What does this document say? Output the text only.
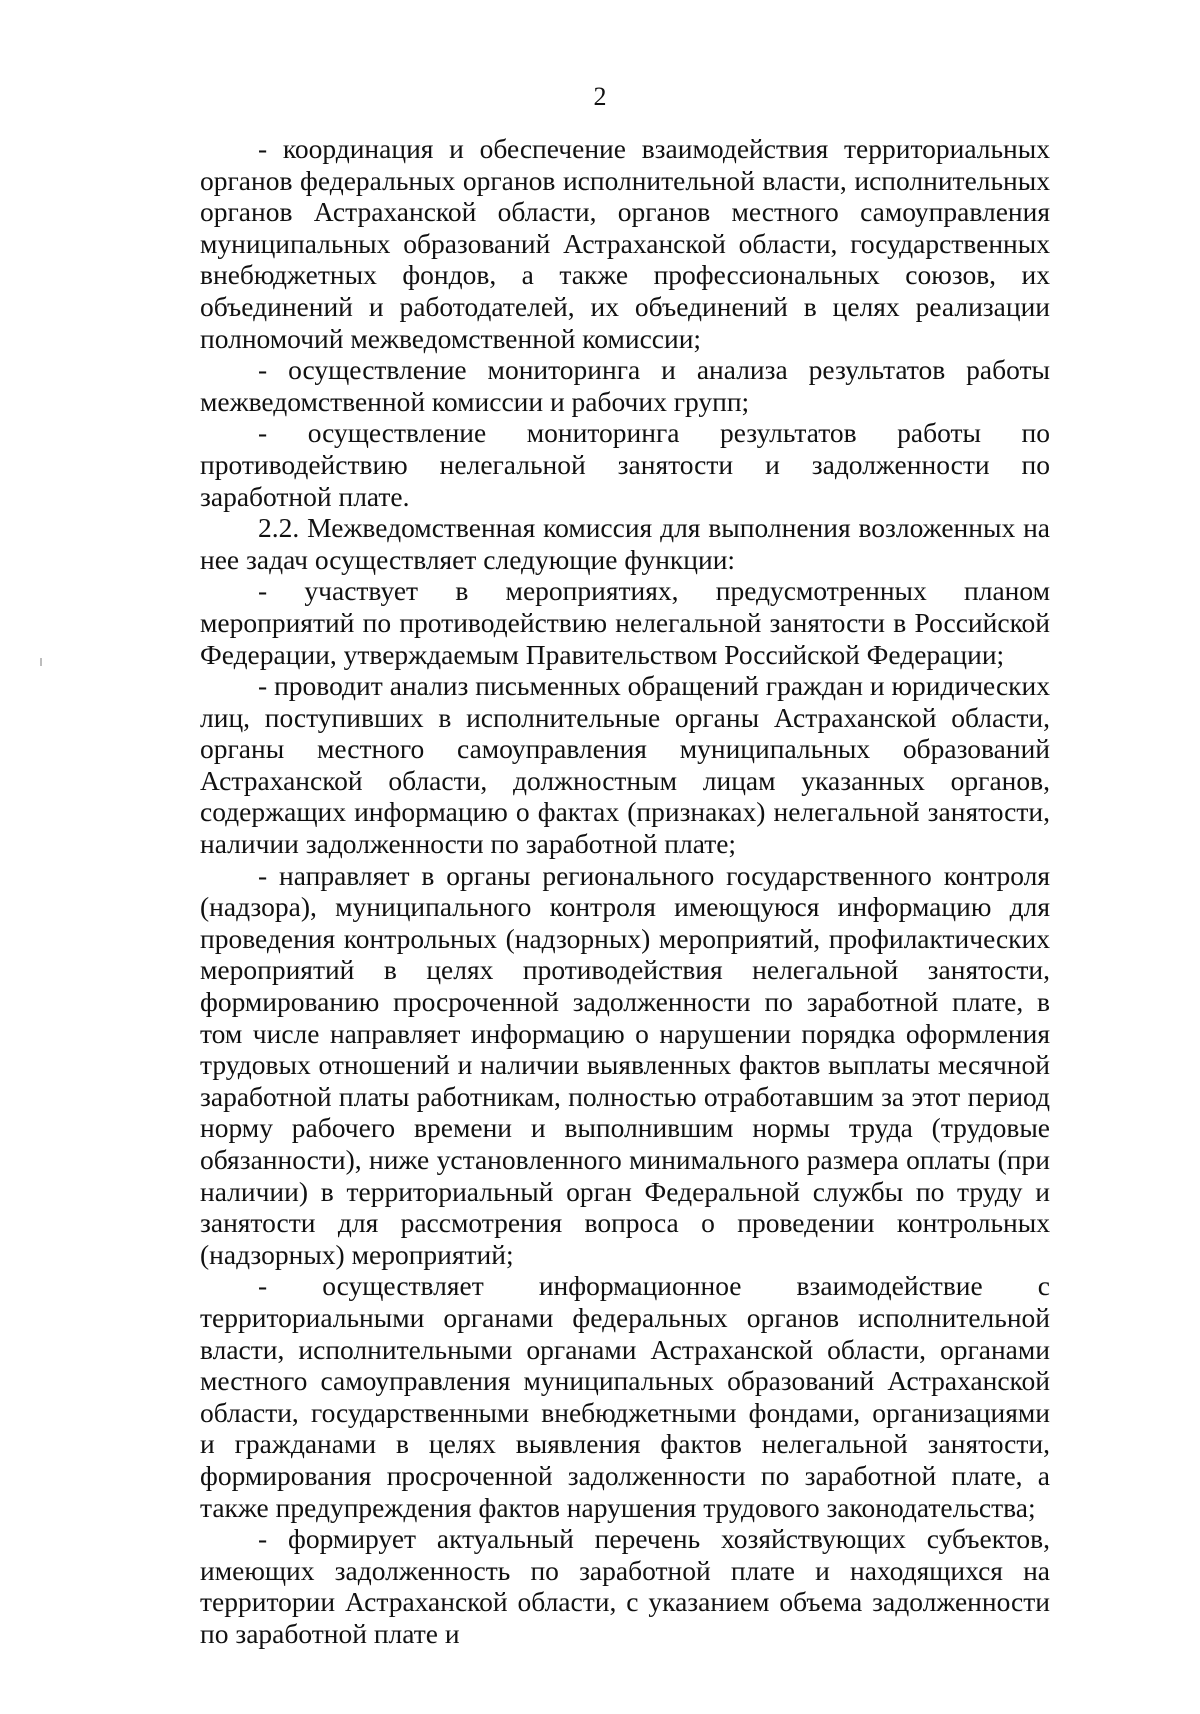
2

- координация и обеспечение взаимодействия территориальных органов федеральных органов исполнительной власти, исполнительных органов Астраханской области, органов местного самоуправления муниципальных образований Астраханской области, государственных внебюджетных фондов, а также профессиональных союзов, их объединений и работодателей, их объединений в целях реализации полномочий межведомственной комиссии;

- осуществление мониторинга и анализа результатов работы межведомственной комиссии и рабочих групп;

- осуществление мониторинга результатов работы по противодействию нелегальной занятости и задолженности по заработной плате.

2.2. Межведомственная комиссия для выполнения возложенных на нее задач осуществляет следующие функции:

- участвует в мероприятиях, предусмотренных планом мероприятий по противодействию нелегальной занятости в Российской Федерации, утверждаемым Правительством Российской Федерации;

- проводит анализ письменных обращений граждан и юридических лиц, поступивших в исполнительные органы Астраханской области, органы местного самоуправления муниципальных образований Астраханской области, должностным лицам указанных органов, содержащих информацию о фактах (признаках) нелегальной занятости, наличии задолженности по заработной плате;

- направляет в органы регионального государственного контроля (надзора), муниципального контроля имеющуюся информацию для проведения контрольных (надзорных) мероприятий, профилактических мероприятий в целях противодействия нелегальной занятости, формированию просроченной задолженности по заработной плате, в том числе направляет информацию о нарушении порядка оформления трудовых отношений и наличии выявленных фактов выплаты месячной заработной платы работникам, полностью отработавшим за этот период норму рабочего времени и выполнившим нормы труда (трудовые обязанности), ниже установленного минимального размера оплаты (при наличии) в территориальный орган Федеральной службы по труду и занятости для рассмотрения вопроса о проведении контрольных (надзорных) мероприятий;

- осуществляет информационное взаимодействие с территориальными органами федеральных органов исполнительной власти, исполнительными органами Астраханской области, органами местного самоуправления муниципальных образований Астраханской области, государственными внебюджетными фондами, организациями и гражданами в целях выявления фактов нелегальной занятости, формирования просроченной задолженности по заработной плате, а также предупреждения фактов нарушения трудового законодательства;

- формирует актуальный перечень хозяйствующих субъектов, имеющих задолженность по заработной плате и находящихся на территории Астраханской области, с указанием объема задолженности по заработной плате и
